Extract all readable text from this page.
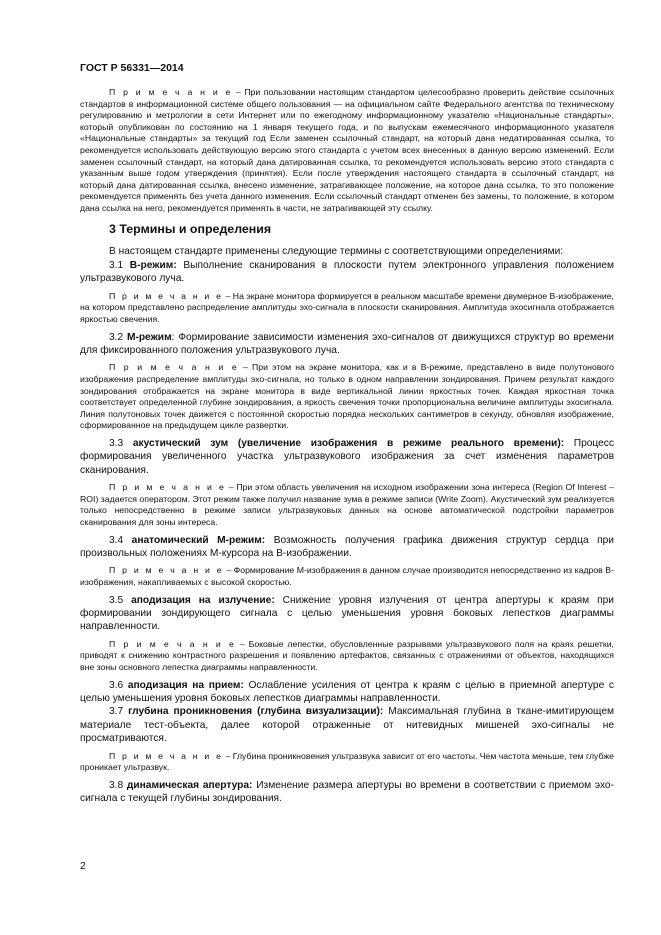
ГОСТ Р 56331—2014

П р и м е ч а н и е – При пользовании настоящим стандартом целесообразно проверить действие ссылочных стандартов в информационной системе общего пользования — на официальном сайте Федерального агентства по техническому регулированию и метрологии в сети Интернет или по ежегодному информационному указателю «Национальные стандарты», который опубликован по состоянию на 1 января текущего года, и по выпускам ежемесячного информационного указателя «Национальные стандарты» за текущий год Если заменен ссылочный стандарт, на который дана недатированная ссылка, то рекомендуется использовать действующую версию этого стандарта с учетом всех внесенных в данную версию изменений. Если заменен ссылочный стандарт, на который дана датированная ссылка, то рекомендуется использовать версию этого стандарта с указанным выше годом утверждения (принятия). Если после утверждения настоящего стандарта в ссылочный стандарт, на который дана датированная ссылка, внесено изменение, затрагивающее положение, на которое дана ссылка, то это положение рекомендуется применять без учета данного изменения. Если ссылочный стандарт отменен без замены, то положение, в котором дана ссылка на него, рекомендуется применять в части, не затрагивающей эту ссылку.

3 Термины и определения

В настоящем стандарте применены следующие термины с соответствующими определениями:

3.1 В-режим: Выполнение сканирования в плоскости путем электронного управления положением ультразвукового луча.

П р и м е ч а н и е – На экране монитора формируется в реальном масштабе времени двумерное В-изображение, на котором представлено распределение амплитуды эхо-сигнала в плоскости сканирования. Амплитуда эхосигнала отображается яркостью свечения.

3.2 М-режим: Формирование зависимости изменения эхо-сигналов от движущихся структур во времени для фиксированного положения ультразвукового луча.

П р и м е ч а н и е – При этом на экране монитора, как и в В-режиме, представлено в виде полутонового изображения распределение амплитуды эхо-сигнала, но только в одном направлении зондирования. Причем результат каждого зондирования отображается на экране монитора в виде вертикальной линии яркостных точек. Каждая яркостная точка соответствует определенной глубине зондирования, а яркость свечения точки пропорциональна величине амплитуды эхосигнала. Линия полутоновых точек движется с постоянной скоростью порядка нескольких сантиметров в секунду, обновляя изображение, сформированное на предыдущем цикле развертки.

3.3 акустический зум (увеличение изображения в режиме реального времени): Процесс формирования увеличенного участка ультразвукового изображения за счет изменения параметров сканирования.

П р и м е ч а н и е – При этом область увеличения на исходном изображении зона интереса (Region Of Interest – ROI) задается оператором. Этот режим также получил название зума в режиме записи (Write Zoom). Акустический зум реализуется только непосредственно в режиме записи ультразвуковых данных на основе автоматической подстройки параметров сканирования для зоны интереса.

3.4 анатомический М-режим: Возможность получения графика движения структур сердца при произвольных положениях М-курсора на В-изображении.

П р и м е ч а н и е – Формирование М-изображения в данном случае производится непосредственно из кадров В-изображения, накапливаемых с высокой скоростью.

3.5 аподизация на излучение: Снижение уровня излучения от центра апертуры к краям при формировании зондирующего сигнала с целью уменьшения уровня боковых лепестков диаграммы направленности.

П р и м е ч а н и е – Боковые лепестки, обусловленные разрывами ультразвукового поля на краях решетки, приводят к снижению контрастного разрешения и появлению артефактов, связанных с отражениями от объектов, находящихся вне зоны основного лепестка диаграммы направленности.

3.6 аподизация на прием: Ослабление усиления от центра к краям с целью в приемной апертуре с целью уменьшения уровня боковых лепестков диаграммы направленности.

3.7 глубина проникновения (глубина визуализации): Максимальная глубина в ткане-имитирующем материале тест-объекта, далее которой отраженные от нитевидных мишеней эхо-сигналы не просматриваются.

П р и м е ч а н и е – Глубина проникновения ультразвука зависит от его частоты. Чем частота меньше, тем глубже проникает ультразвук.

3.8 динамическая апертура: Изменение размера апертуры во времени в соответствии с приемом эхо-сигнала с текущей глубины зондирования.

2
